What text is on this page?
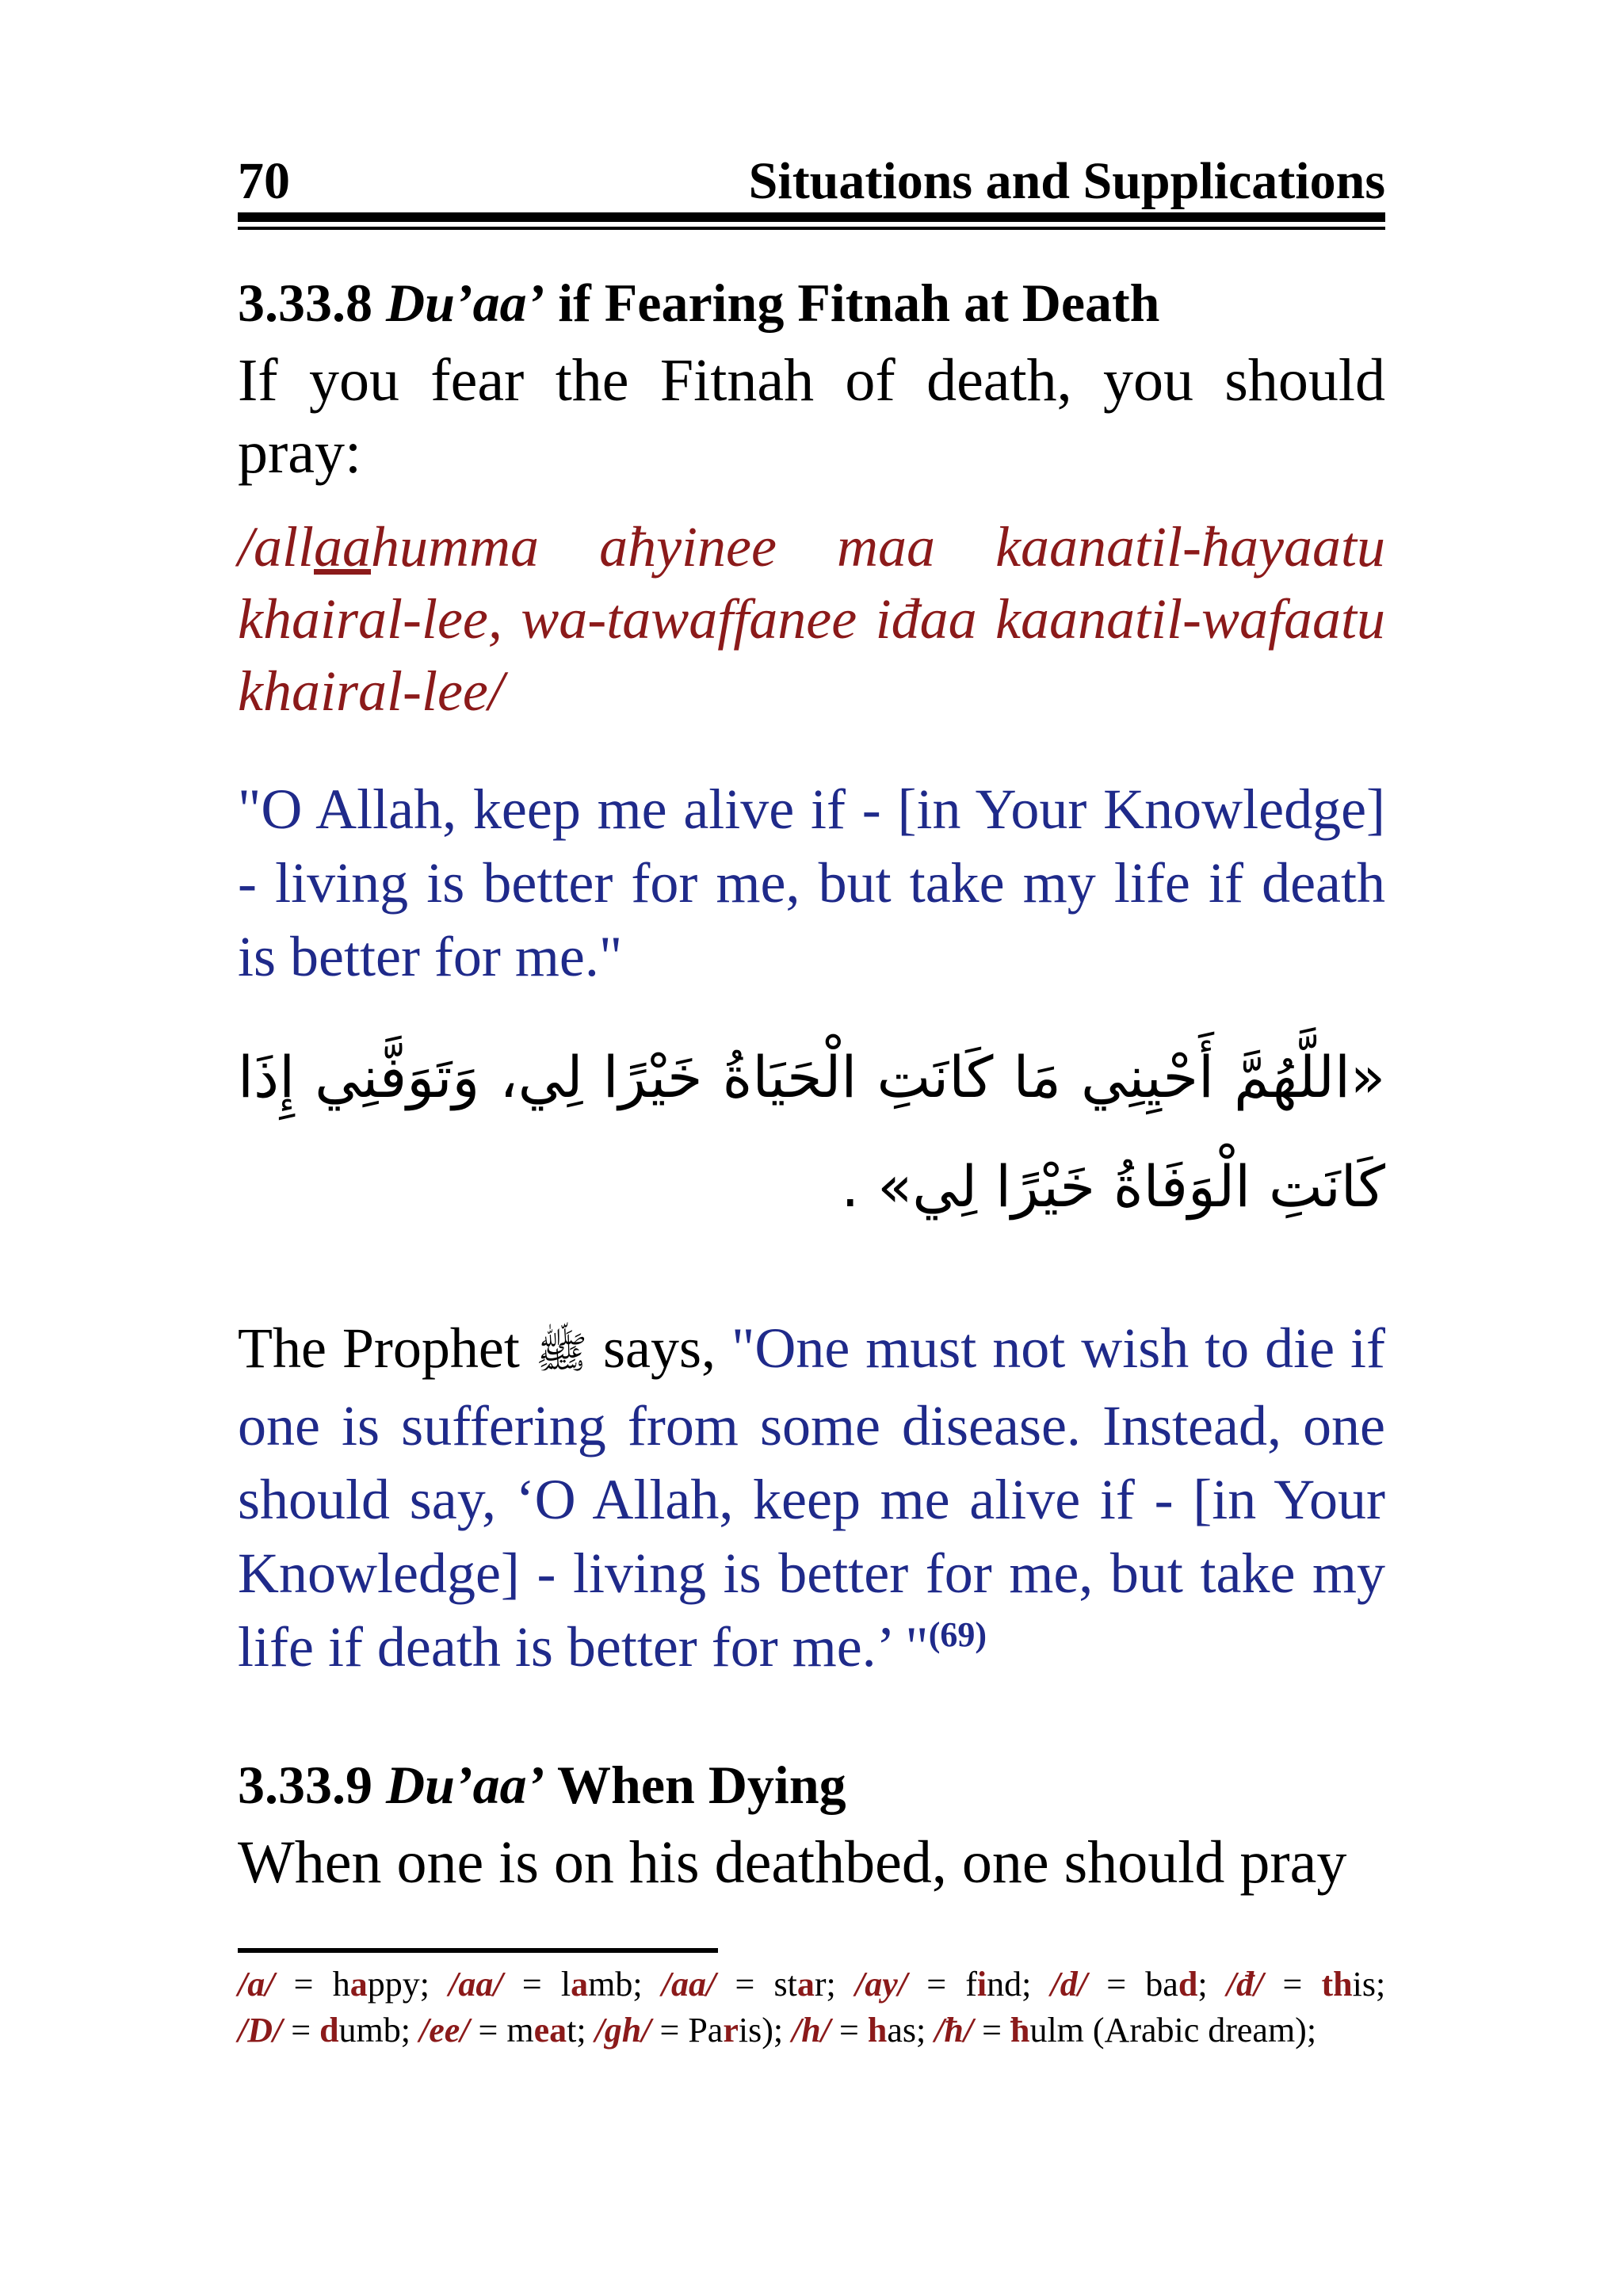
70	Situations and Supplications
3.33.8 Du’aa’ if Fearing Fitnah at Death
If you fear the Fitnah of death, you should pray:
/allaahumma aħyinee maa kaanatil-ħayaatu khairal-lee, wa-tawaffanee iđaa kaanatil-wafaatu khairal-lee/
"O Allah, keep me alive if - [in Your Knowledge] - living is better for me, but take my life if death is better for me."
«اللَّهُمَّ أَحْيِنِي مَا كَانَتِ الْحَيَاةُ خَيْرًا لِي، وَتَوَفَّنِي إِذَا كَانَتِ الْوَفَاةُ خَيْرًا لِي» .
The Prophet ﷺ says, "One must not wish to die if one is suffering from some disease. Instead, one should say, ‘O Allah, keep me alive if - [in Your Knowledge] - living is better for me, but take my life if death is better for me.’ "$^{(69)}$
3.33.9 Du’aa’ When Dying
When one is on his deathbed, one should pray
/a/ = happy; /aa/ = lamb; /aa/ = star; /ay/ = find; /d/ = bad; /đ/ = this; /D/ = dumb; /ee/ = meat; /gh/ = Paris); /h/ = has; /ħ/ = ħulm (Arabic dream);
